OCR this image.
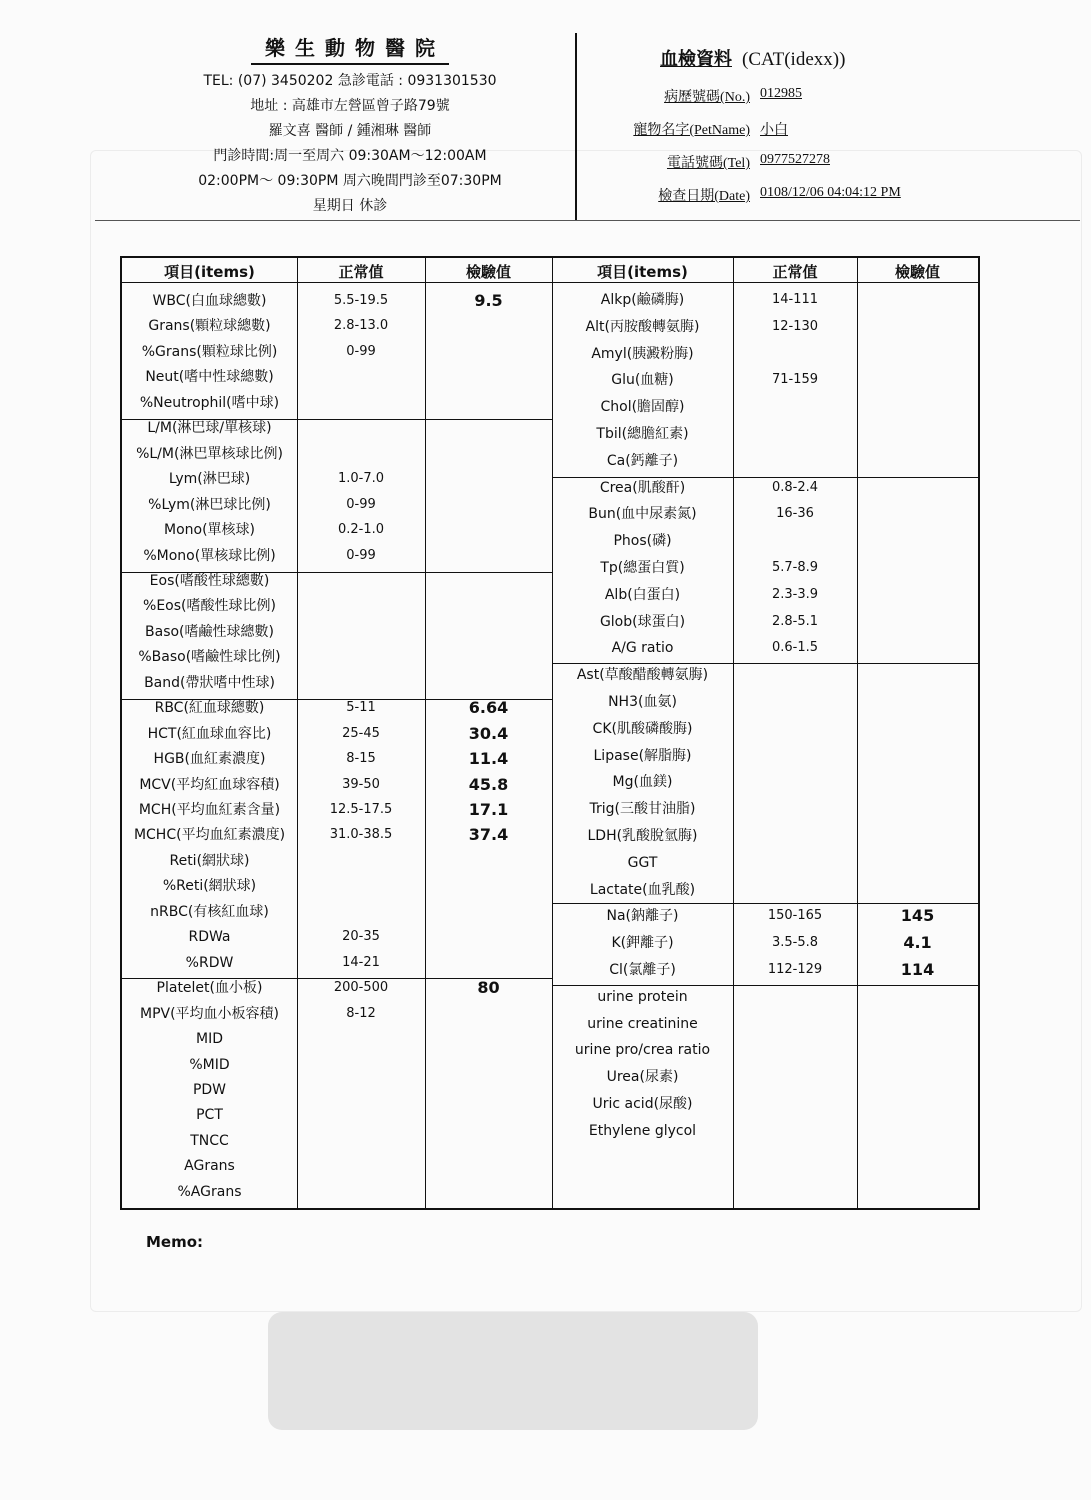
樂生動物醫院
TEL: (07) 3450202 急診電話 : 0931301530
地址 : 高雄市左營區曾子路79號
羅文喜 醫師 / 鍾湘琳 醫師
門診時間:周一至周六 09:30AM～12:00AM
02:00PM～ 09:30PM 周六晚間門診至07:30PM
星期日 休診
血檢資料 (CAT(idexx))
病歷號碼(No.) 012985
寵物名字(PetName) 小白
電話號碼(Tel) 0977527278
檢查日期(Date) 0108/12/06 04:04:12 PM
項目(items)	正常值	檢驗值	項目(items)	正常值	檢驗值
WBC(白血球總數)	5.5-19.5	9.5
Grans(顆粒球總數)	2.8-13.0
%Grans(顆粒球比例)	0-99
Neut(嗜中性球總數)
%Neutrophil(嗜中球)
L/M(淋巴球/單核球)
%L/M(淋巴單核球比例)
Lym(淋巴球)	1.0-7.0
%Lym(淋巴球比例)	0-99
Mono(單核球)	0.2-1.0
%Mono(單核球比例)	0-99
Eos(嗜酸性球總數)
%Eos(嗜酸性球比例)
Baso(嗜鹼性球總數)
%Baso(嗜鹼性球比例)
Band(帶狀嗜中性球)
RBC(紅血球總數)	5-11	6.64
HCT(紅血球血容比)	25-45	30.4
HGB(血紅素濃度)	8-15	11.4
MCV(平均紅血球容積)	39-50	45.8
MCH(平均血紅素含量)	12.5-17.5	17.1
MCHC(平均血紅素濃度)	31.0-38.5	37.4
Reti(網狀球)
%Reti(網狀球)
nRBC(有核紅血球)
RDWa	20-35
%RDW	14-21
Platelet(血小板)	200-500	80
MPV(平均血小板容積)	8-12
MID
%MID
PDW
PCT
TNCC
AGrans
%AGrans
Alkp(鹼磷脢)	14-111
Alt(丙胺酸轉氨脢)	12-130
Amyl(胰澱粉脢)
Glu(血糖)	71-159
Chol(膽固醇)
Tbil(總膽紅素)
Ca(鈣離子)
Crea(肌酸酐)	0.8-2.4
Bun(血中尿素氮)	16-36
Phos(磷)
Tp(總蛋白質)	5.7-8.9
Alb(白蛋白)	2.3-3.9
Glob(球蛋白)	2.8-5.1
A/G ratio	0.6-1.5
Ast(草酸醋酸轉氨脢)
NH3(血氨)
CK(肌酸磷酸脢)
Lipase(解脂脢)
Mg(血鎂)
Trig(三酸甘油脂)
LDH(乳酸脫氫脢)
GGT
Lactate(血乳酸)
Na(鈉離子)	150-165	145
K(鉀離子)	3.5-5.8	4.1
Cl(氯離子)	112-129	114
urine protein
urine creatinine
urine pro/crea ratio
Urea(尿素)
Uric acid(尿酸)
Ethylene glycol
Memo:
